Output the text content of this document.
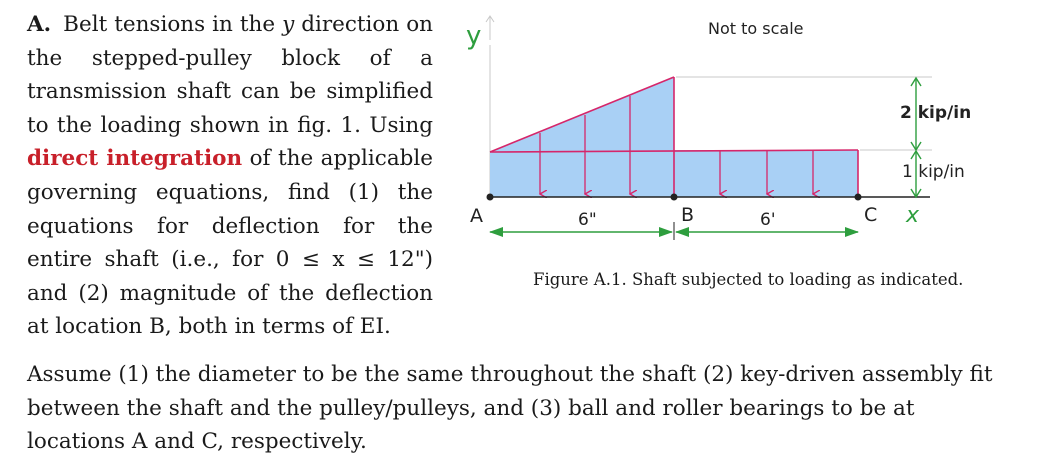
A. Belt tensions in the y direction on the stepped-pulley block of a transmission shaft can be simplified to the loading shown in fig. 1. Using direct integration of the applicable governing equations, find (1) the equations for deflection for the entire shaft (i.e., for 0 ≤ x ≤ 12") and (2) magnitude of the deflection at location B, both in terms of EI.
Assume (1) the diameter to be the same throughout the shaft (2) key-driven assembly fit between the shaft and the pulley/pulleys, and (3) ball and roller bearings to be at locations A and C, respectively.
Figure A.1. Shaft subjected to loading as indicated.
y
A	B	C x
6"	6'
2 kip/in
1 kip/in
Not to scale
